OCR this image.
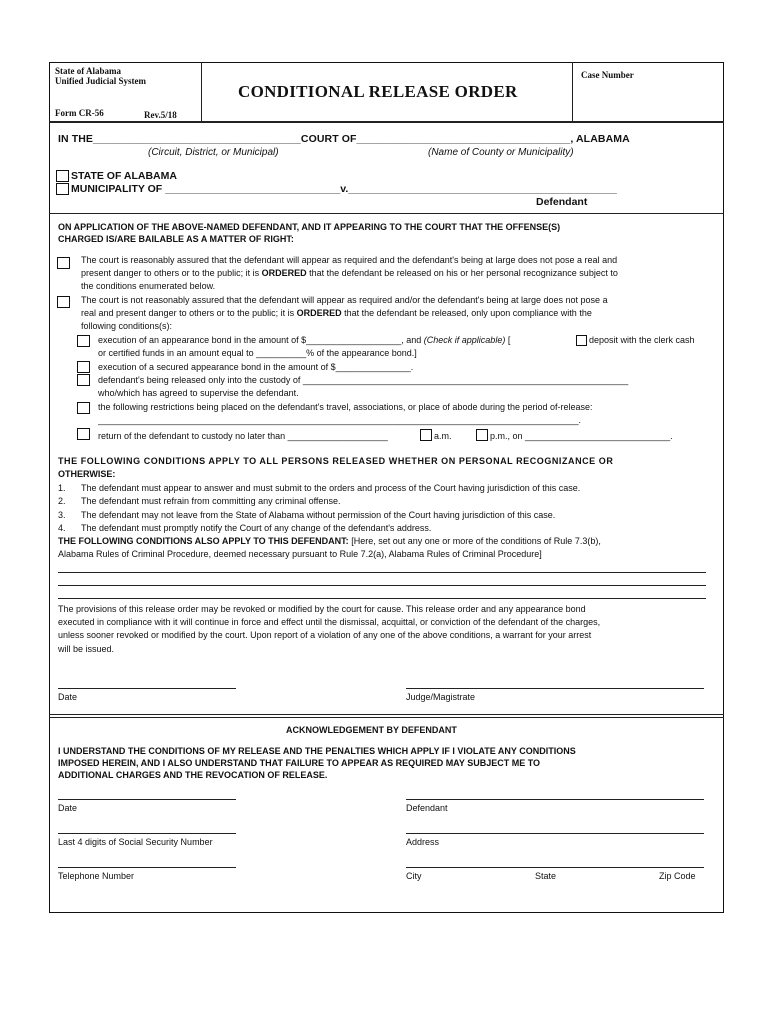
State of Alabama
Unified Judicial System
Form CR-56	Rev.5/18
CONDITIONAL RELEASE ORDER
Case Number
IN THE___________________________________COURT OF____________________________________, ALABAMA
(Circuit, District, or Municipal)	(Name of County or Municipality)
STATE OF ALABAMA
MUNICIPALITY OF ______________________________v.______________________________________________
Defendant
ON APPLICATION OF THE ABOVE-NAMED DEFENDANT, AND IT APPEARING TO THE COURT THAT THE OFFENSE(S)
CHARGED IS/ARE BAILABLE AS A MATTER OF RIGHT:
The court is reasonably assured that the defendant will appear as required and the defendant's being at large does not pose a real and
present danger to others or to the public; it is ORDERED that the defendant be released on his or her personal recognizance subject to
the conditions enumerated below.
The court is not reasonably assured that the defendant will appear as required and/or the defendant's being at large does not pose a
real and present danger to others or to the public; it is ORDERED that the defendant be released, only upon compliance with the
following conditions(s):
execution of an appearance bond in the amount of $___________________, and (Check if applicable) [	deposit with the clerk cash
or certified funds in an amount equal to __________% of the appearance bond.]
execution of a secured appearance bond in the amount of $_______________.
defendant's being released only into the custody of _________________________________________________________________
who/which has agreed to supervise the defendant.
the following restrictions being placed on the defendant's travel, associations, or place of abode during the period of-release:
________________________________________________________________________________________________.
return of the defendant to custody no later than ____________________	a.m.	p.m., on _____________________________.
THE FOLLOWING CONDITIONS APPLY TO ALL PERSONS RELEASED WHETHER ON PERSONAL RECOGNIZANCE OR
OTHERWISE:
1. The defendant must appear to answer and must submit to the orders and process of the Court having jurisdiction of this case.
2. The defendant must refrain from committing any criminal offense.
3. The defendant may not leave from the State of Alabama without permission of the Court having jurisdiction of this case.
4. The defendant must promptly notify the Court of any change of the defendant's address.
THE FOLLOWING CONDITIONS ALSO APPLY TO THIS DEFENDANT: [Here, set out any one or more of the conditions of Rule 7.3(b),
Alabama Rules of Criminal Procedure, deemed necessary pursuant to Rule 7.2(a), Alabama Rules of Criminal Procedure]
The provisions of this release order may be revoked or modified by the court for cause. This release order and any appearance bond
executed in compliance with it will continue in force and effect until the dismissal, acquittal, or conviction of the defendant of the charges,
unless sooner revoked or modified by the court. Upon report of a violation of any one of the above conditions, a warrant for your arrest
will be issued.
Date	Judge/Magistrate
ACKNOWLEDGEMENT BY DEFENDANT
I UNDERSTAND THE CONDITIONS OF MY RELEASE AND THE PENALTIES WHICH APPLY IF I VIOLATE ANY CONDITIONS
IMPOSED HEREIN, AND I ALSO UNDERSTAND THAT FAILURE TO APPEAR AS REQUIRED MAY SUBJECT ME TO
ADDITIONAL CHARGES AND THE REVOCATION OF RELEASE.
Date	Defendant
Last 4 digits of Social Security Number	Address
Telephone Number	City	State	Zip Code
